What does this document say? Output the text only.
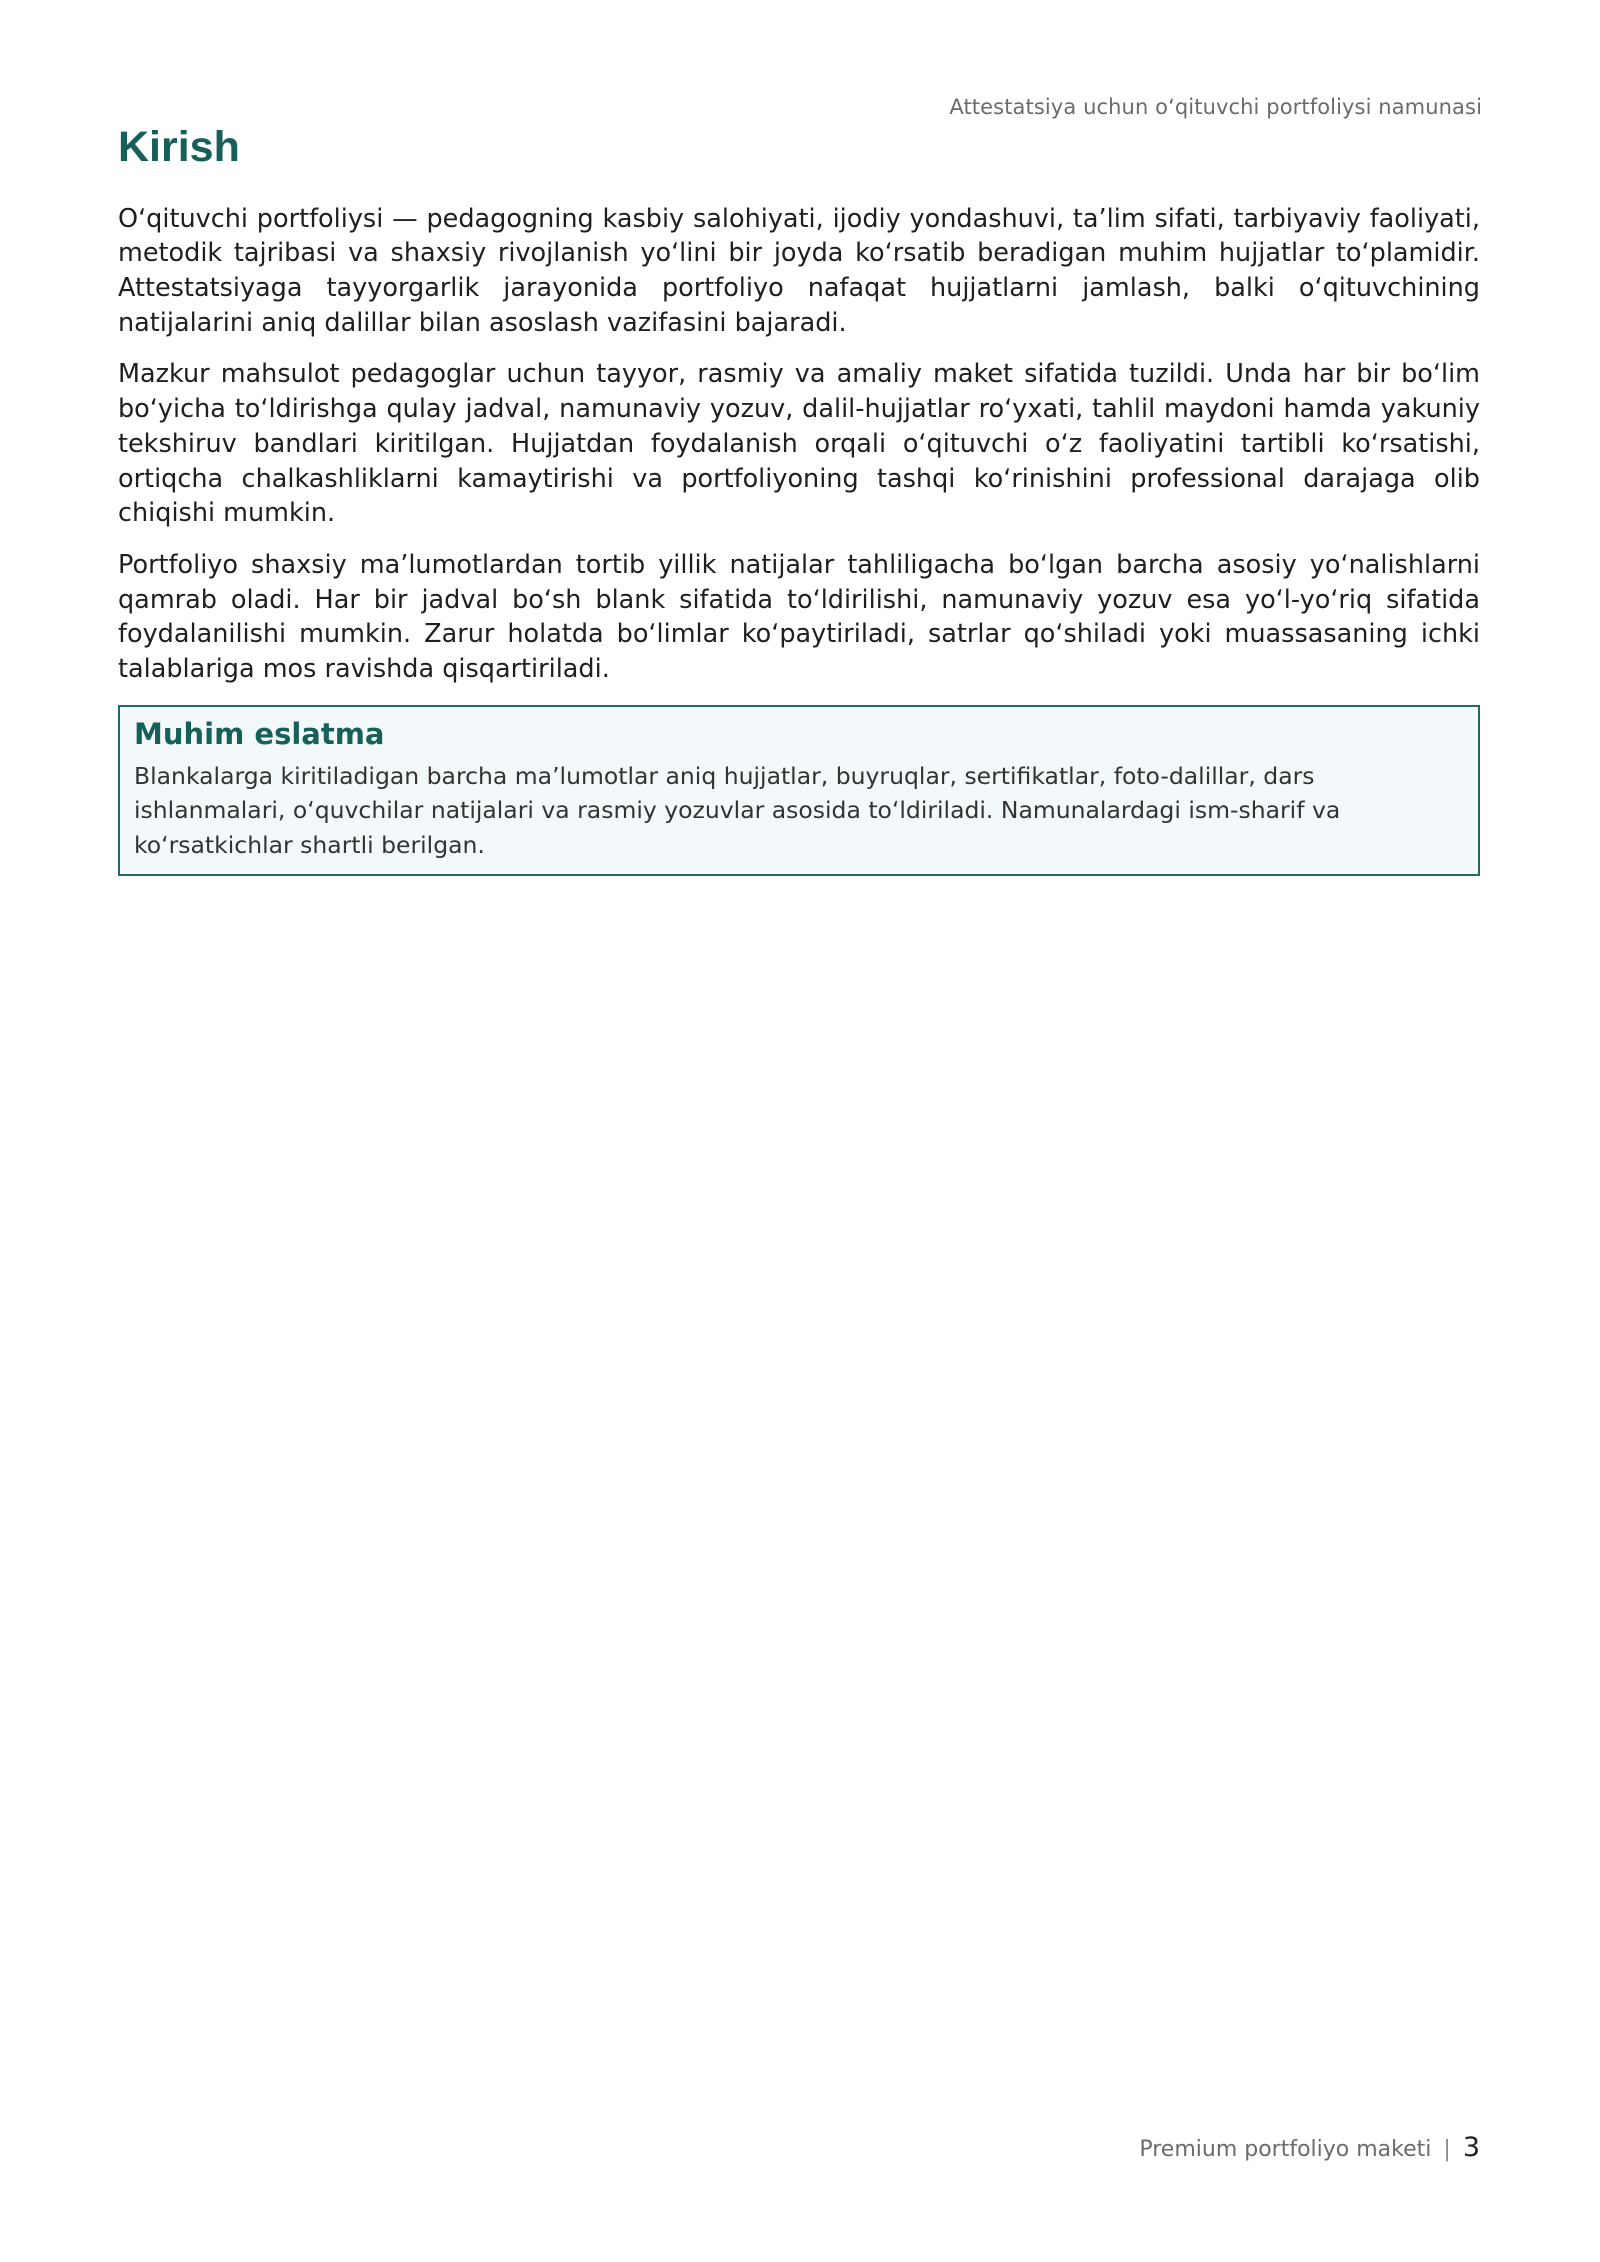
Attestatsiya uchun oʻqituvchi portfoliysi namunasi
Kirish

Oʻqituvchi portfoliysi — pedagogning kasbiy salohiyati, ijodiy yondashuvi, ta’lim sifati, tarbiyaviy faoliyati, metodik tajribasi va shaxsiy rivojlanish yoʻlini bir joyda koʻrsatib beradigan muhim hujjatlar toʻplamidir. Attestatsiyaga tayyorgarlik jarayonida portfoliyo nafaqat hujjatlarni jamlash, balki oʻqituvchining natijalarini aniq dalillar bilan asoslash vazifasini bajaradi.

Mazkur mahsulot pedagoglar uchun tayyor, rasmiy va amaliy maket sifatida tuzildi. Unda har bir boʻlim boʻyicha toʻldirishga qulay jadval, namunaviy yozuv, dalil-hujjatlar roʻyxati, tahlil maydoni hamda yakuniy tekshiruv bandlari kiritilgan. Hujjatdan foydalanish orqali oʻqituvchi oʻz faoliyatini tartibli koʻrsatishi, ortiqcha chalkashliklarni kamaytirishi va portfoliyoning tashqi koʻrinishini professional darajaga olib chiqishi mumkin.

Portfoliyo shaxsiy ma’lumotlardan tortib yillik natijalar tahliligacha boʻlgan barcha asosiy yoʻnalishlarni qamrab oladi. Har bir jadval boʻsh blank sifatida toʻldirilishi, namunaviy yozuv esa yoʻl-yoʻriq sifatida foydalanilishi mumkin. Zarur holatda boʻlimlar koʻpaytiriladi, satrlar qoʻshiladi yoki muassasaning ichki talablariga mos ravishda qisqartiriladi.

Muhim eslatma

Blankalarga kiritiladigan barcha ma’lumotlar aniq hujjatlar, buyruqlar, sertifikatlar, foto-dalillar, dars ishlanmalari, oʻquvchilar natijalari va rasmiy yozuvlar asosida toʻldiriladi. Namunalardagi ism-sharif va koʻrsatkichlar shartli berilgan.

Premium portfoliyo maketi | 3
